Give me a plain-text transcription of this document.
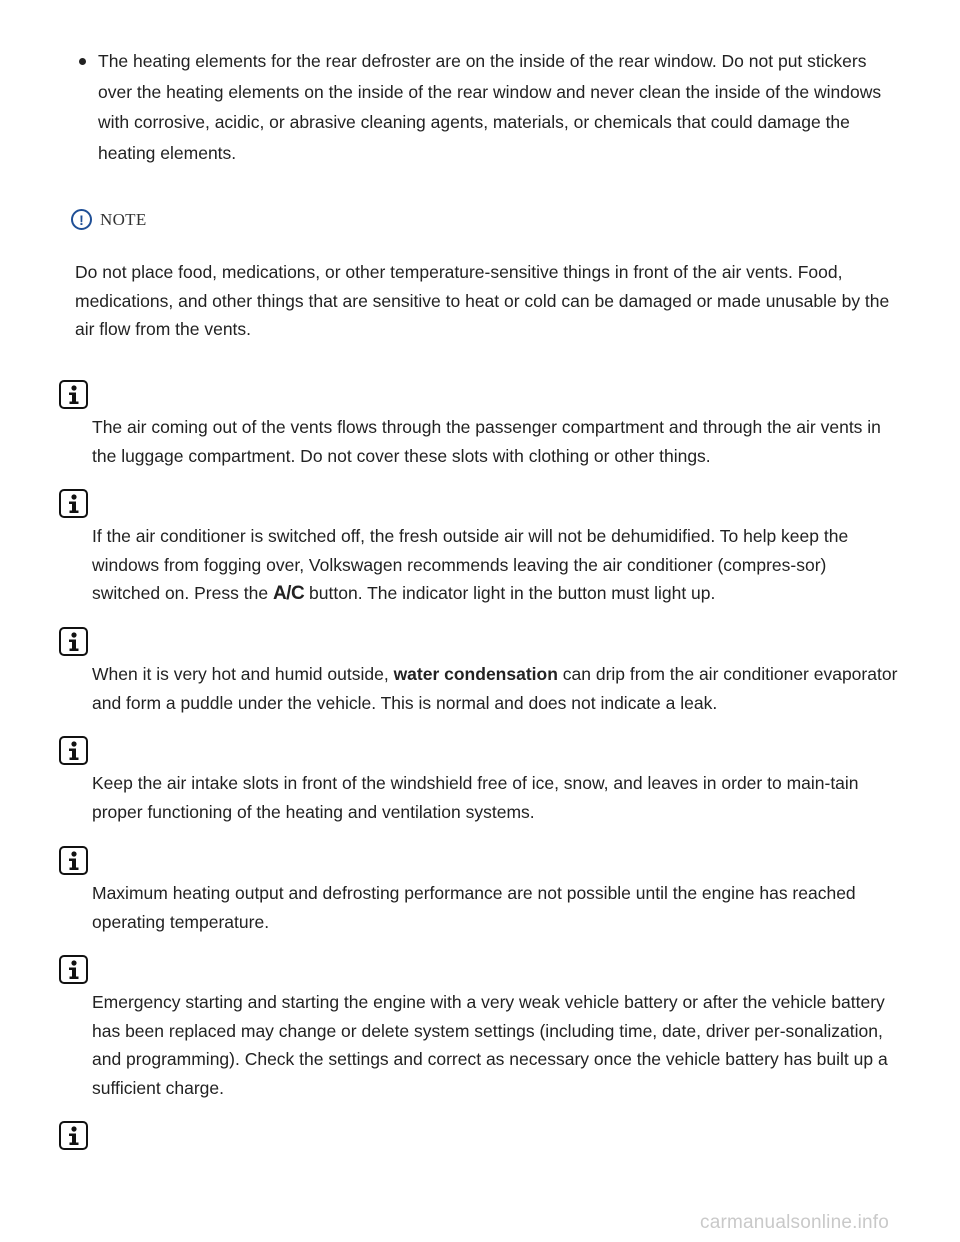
The heating elements for the rear defroster are on the inside of the rear window. Do not put stickers over the heating elements on the inside of the rear window and never clean the inside of the windows with corrosive, acidic, or abrasive cleaning agents, materials, or chemicals that could damage the heating elements.
! NOTE
Do not place food, medications, or other temperature-sensitive things in front of the air vents. Food, medications, and other things that are sensitive to heat or cold can be damaged or made unusable by the air flow from the vents.
The air coming out of the vents flows through the passenger compartment and through the air vents in the luggage compartment. Do not cover these slots with clothing or other things.
If the air conditioner is switched off, the fresh outside air will not be dehumidified. To help keep the windows from fogging over, Volkswagen recommends leaving the air conditioner (compres-sor) switched on. Press the A/C button. The indicator light in the button must light up.
When it is very hot and humid outside, water condensation can drip from the air conditioner evaporator and form a puddle under the vehicle. This is normal and does not indicate a leak.
Keep the air intake slots in front of the windshield free of ice, snow, and leaves in order to main-tain proper functioning of the heating and ventilation systems.
Maximum heating output and defrosting performance are not possible until the engine has reached operating temperature.
Emergency starting and starting the engine with a very weak vehicle battery or after the vehicle battery has been replaced may change or delete system settings (including time, date, driver per-sonalization, and programming). Check the settings and correct as necessary once the vehicle battery has built up a sufficient charge.
carmanualsonline.info
